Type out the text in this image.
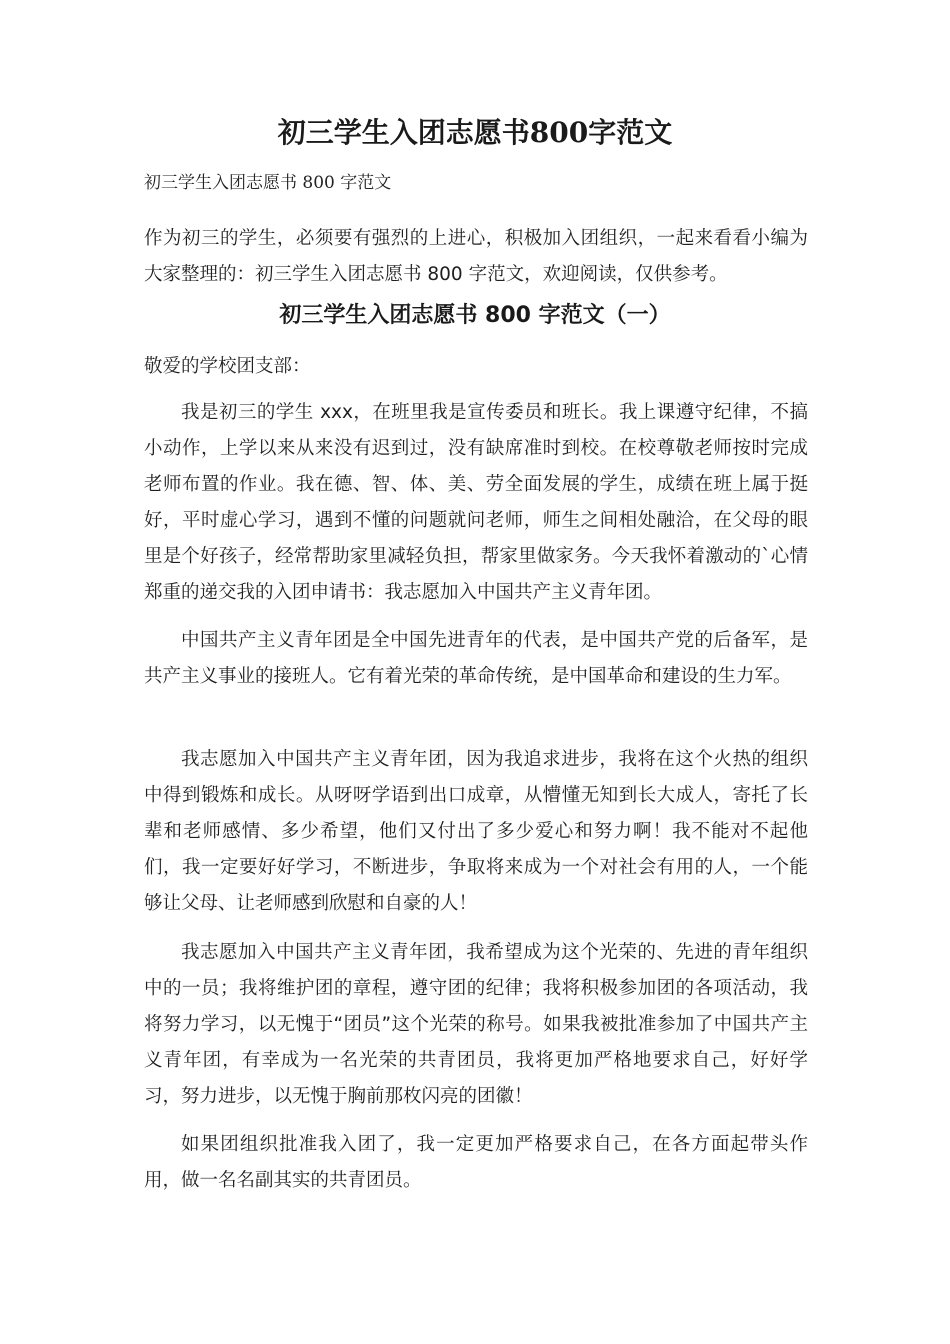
初三学生入团志愿书800字范文

初三学生入团志愿书 800 字范文

作为初三的学生，必须要有强烈的上进心，积极加入团组织，一起来看看小编为大家整理的：初三学生入团志愿书 800 字范文，欢迎阅读，仅供参考。

初三学生入团志愿书 800 字范文（一）

敬爱的学校团支部：

我是初三的学生 xxx，在班里我是宣传委员和班长。我上课遵守纪律，不搞小动作，上学以来从来没有迟到过，没有缺席准时到校。在校尊敬老师按时完成老师布置的作业。我在德、智、体、美、劳全面发展的学生，成绩在班上属于挺好，平时虚心学习，遇到不懂的问题就问老师，师生之间相处融洽，在父母的眼里是个好孩子，经常帮助家里减轻负担，帮家里做家务。今天我怀着激动的`心情郑重的递交我的入团申请书：我志愿加入中国共产主义青年团。

中国共产主义青年团是全中国先进青年的代表，是中国共产党的后备军，是共产主义事业的接班人。它有着光荣的革命传统，是中国革命和建设的生力军。

我志愿加入中国共产主义青年团，因为我追求进步，我将在这个火热的组织中得到锻炼和成长。从呀呀学语到出口成章，从懵懂无知到长大成人，寄托了长辈和老师感情、多少希望，他们又付出了多少爱心和努力啊！我不能对不起他们，我一定要好好学习，不断进步，争取将来成为一个对社会有用的人，一个能够让父母、让老师感到欣慰和自豪的人！

我志愿加入中国共产主义青年团，我希望成为这个光荣的、先进的青年组织中的一员；我将维护团的章程，遵守团的纪律；我将积极参加团的各项活动，我将努力学习，以无愧于“团员”这个光荣的称号。如果我被批准参加了中国共产主义青年团，有幸成为一名光荣的共青团员，我将更加严格地要求自己，好好学习，努力进步，以无愧于胸前那枚闪亮的团徽！

如果团组织批准我入团了，我一定更加严格要求自己，在各方面起带头作用，做一名名副其实的共青团员。
